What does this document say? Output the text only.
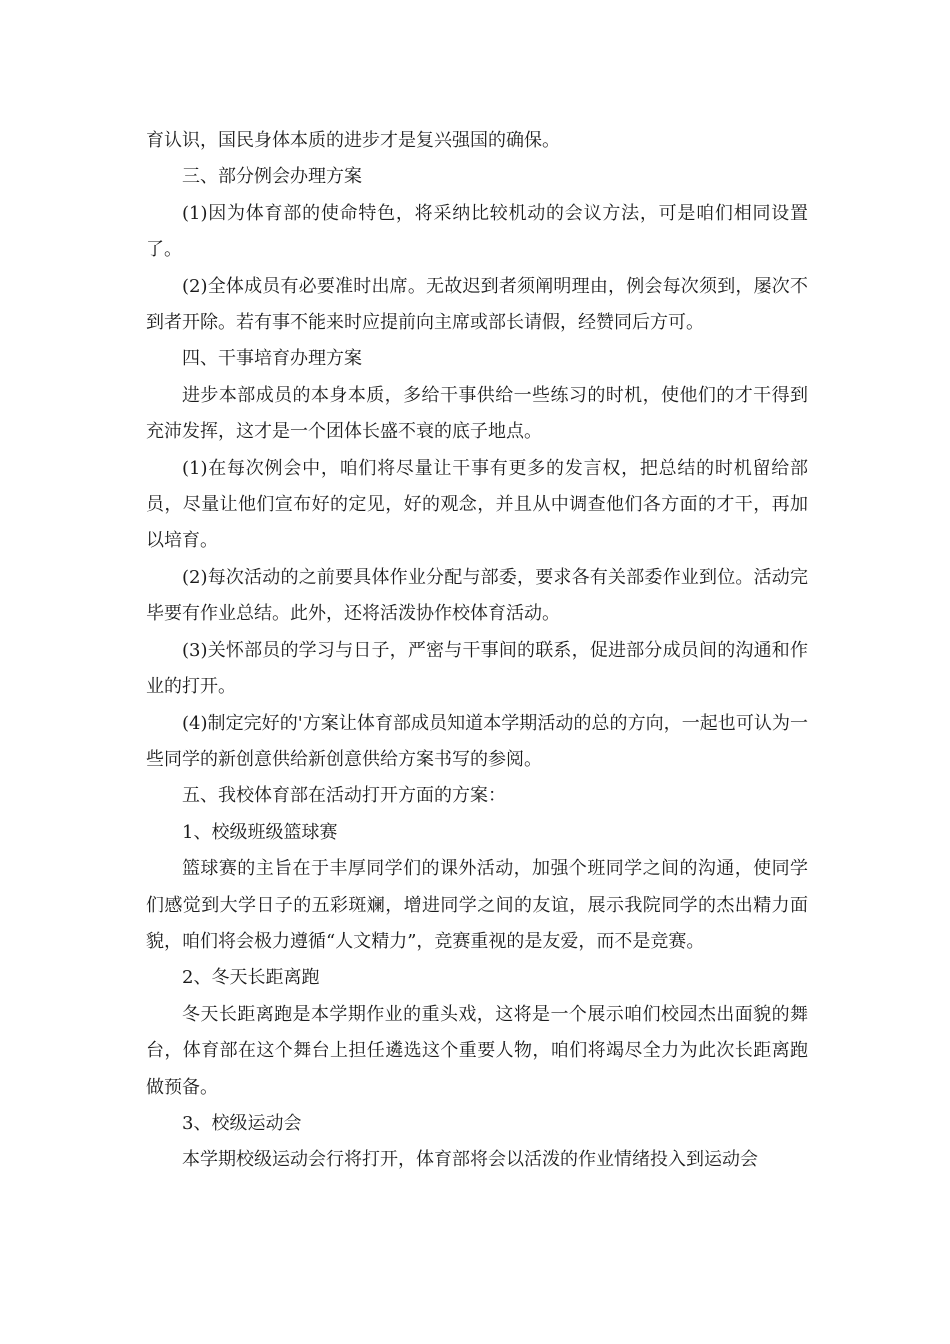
育认识，国民身体本质的进步才是复兴强国的确保。

三、部分例会办理方案

(1)因为体育部的使命特色，将采纳比较机动的会议方法，可是咱们相同设置了。

(2)全体成员有必要准时出席。无故迟到者须阐明理由，例会每次须到，屡次不到者开除。若有事不能来时应提前向主席或部长请假，经赞同后方可。

四、干事培育办理方案

进步本部成员的本身本质，多给干事供给一些练习的时机，使他们的才干得到充沛发挥，这才是一个团体长盛不衰的底子地点。

(1)在每次例会中，咱们将尽量让干事有更多的发言权，把总结的时机留给部员，尽量让他们宣布好的定见，好的观念，并且从中调查他们各方面的才干，再加以培育。

(2)每次活动的之前要具体作业分配与部委，要求各有关部委作业到位。活动完毕要有作业总结。此外，还将活泼协作校体育活动。

(3)关怀部员的学习与日子，严密与干事间的联系，促进部分成员间的沟通和作业的打开。

(4)制定完好的'方案让体育部成员知道本学期活动的总的方向，一起也可认为一些同学的新创意供给新创意供给方案书写的参阅。

五、我校体育部在活动打开方面的方案：

1、校级班级篮球赛

篮球赛的主旨在于丰厚同学们的课外活动，加强个班同学之间的沟通，使同学们感觉到大学日子的五彩斑斓，增进同学之间的友谊，展示我院同学的杰出精力面貌，咱们将会极力遵循“人文精力”，竞赛重视的是友爱，而不是竞赛。

2、冬天长距离跑

冬天长距离跑是本学期作业的重头戏，这将是一个展示咱们校园杰出面貌的舞台，体育部在这个舞台上担任遴选这个重要人物，咱们将竭尽全力为此次长距离跑做预备。

3、校级运动会

本学期校级运动会行将打开，体育部将会以活泼的作业情绪投入到运动会
